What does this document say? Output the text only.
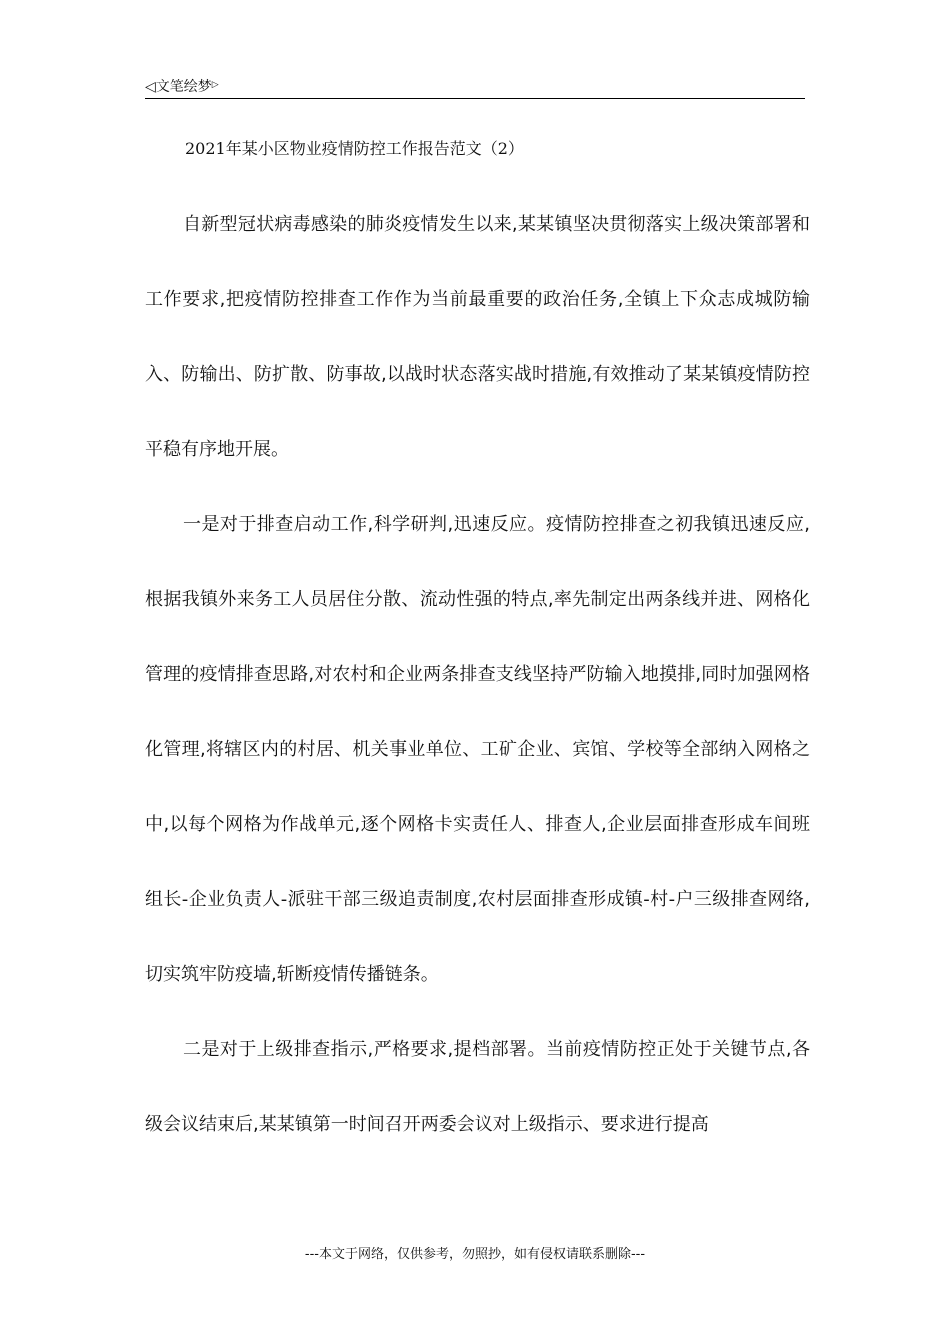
◁文笔绘梦▷
2021年某小区物业疫情防控工作报告范文（2）

自新型冠状病毒感染的肺炎疫情发生以来,某某镇坚决贯彻落实上级决策部署和工作要求,把疫情防控排查工作作为当前最重要的政治任务,全镇上下众志成城防输入、防输出、防扩散、防事故,以战时状态落实战时措施,有效推动了某某镇疫情防控平稳有序地开展。

一是对于排查启动工作,科学研判,迅速反应。疫情防控排查之初我镇迅速反应,根据我镇外来务工人员居住分散、流动性强的特点,率先制定出两条线并进、网格化管理的疫情排查思路,对农村和企业两条排查支线坚持严防输入地摸排,同时加强网格化管理,将辖区内的村居、机关事业单位、工矿企业、宾馆、学校等全部纳入网格之中,以每个网格为作战单元,逐个网格卡实责任人、排查人,企业层面排查形成车间班组长-企业负责人-派驻干部三级追责制度,农村层面排查形成镇-村-户三级排查网络,切实筑牢防疫墙,斩断疫情传播链条。

二是对于上级排查指示,严格要求,提档部署。当前疫情防控正处于关键节点,各级会议结束后,某某镇第一时间召开两委会议对上级指示、要求进行提高

---本文于网络，仅供参考，勿照抄，如有侵权请联系删除---
